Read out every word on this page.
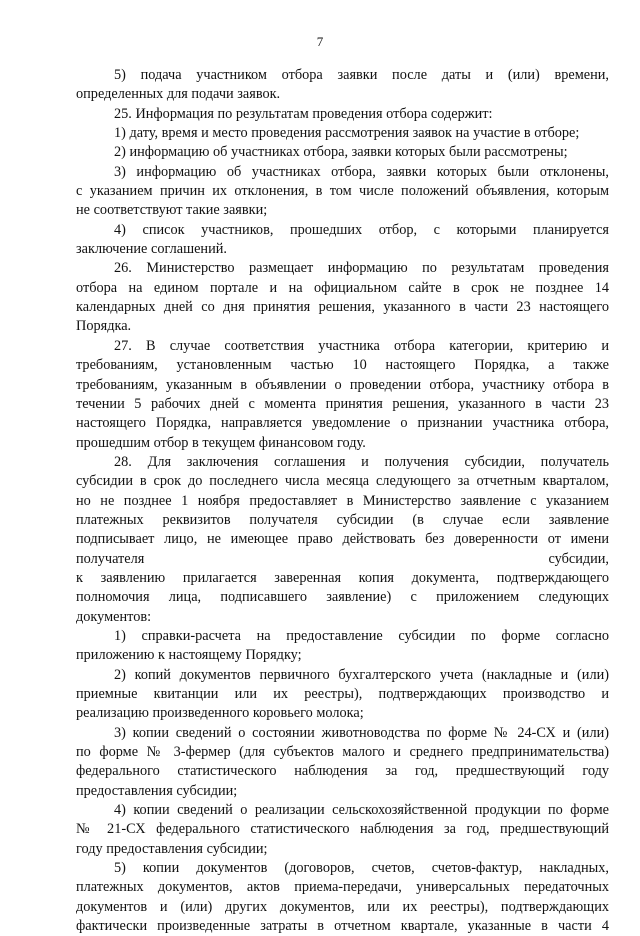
7
5) подача участником отбора заявки после даты и (или) времени,
определенных для подачи заявок.
25. Информация по результатам проведения отбора содержит:
1) дату, время и место проведения рассмотрения заявок на участие в отборе;
2) информацию об участниках отбора, заявки которых были рассмотрены;
3) информацию об участниках отбора, заявки которых были отклонены,
с указанием причин их отклонения, в том числе положений объявления, которым
не соответствуют такие заявки;
4) список участников, прошедших отбор, с которыми планируется
заключение соглашений.
26. Министерство размещает информацию по результатам проведения
отбора на едином портале и на официальном сайте в срок не позднее 14
календарных дней со дня принятия решения, указанного в части 23 настоящего
Порядка.
27. В случае соответствия участника отбора категории, критерию и
требованиям, установленным частью 10 настоящего Порядка, а также
требованиям, указанным в объявлении о проведении отбора, участнику отбора в
течении 5 рабочих дней с момента принятия решения, указанного в части 23
настоящего Порядка, направляется уведомление о признании участника отбора,
прошедшим отбор в текущем финансовом году.
28. Для заключения соглашения и получения субсидии, получатель
субсидии в срок до последнего числа месяца следующего за отчетным кварталом,
но не позднее 1 ноября предоставляет в Министерство заявление с указанием
платежных реквизитов получателя субсидии (в случае если заявление
подписывает лицо, не имеющее право действовать без доверенности от имени
получателя субсидии,
к заявлению прилагается заверенная копия документа, подтверждающего
полномочия лица, подписавшего заявление) с приложением следующих
документов:
1) справки-расчета на предоставление субсидии по форме согласно
приложению к настоящему Порядку;
2) копий документов первичного бухгалтерского учета (накладные и (или)
приемные квитанции или их реестры), подтверждающих производство и
реализацию произведенного коровьего молока;
3) копии сведений о состоянии животноводства по форме № 24-СХ и (или)
по форме № 3-фермер (для субъектов малого и среднего предпринимательства)
федерального статистического наблюдения за год, предшествующий году
предоставления субсидии;
4) копии сведений о реализации сельскохозяйственной продукции по форме
№ 21-СХ федерального статистического наблюдения за год, предшествующий
году предоставления субсидии;
5) копии документов (договоров, счетов, счетов-фактур, накладных,
платежных документов, актов приема-передачи, универсальных передаточных
документов и (или) других документов, или их реестры), подтверждающих
фактически произведенные затраты в отчетном квартале, указанные в части 4
